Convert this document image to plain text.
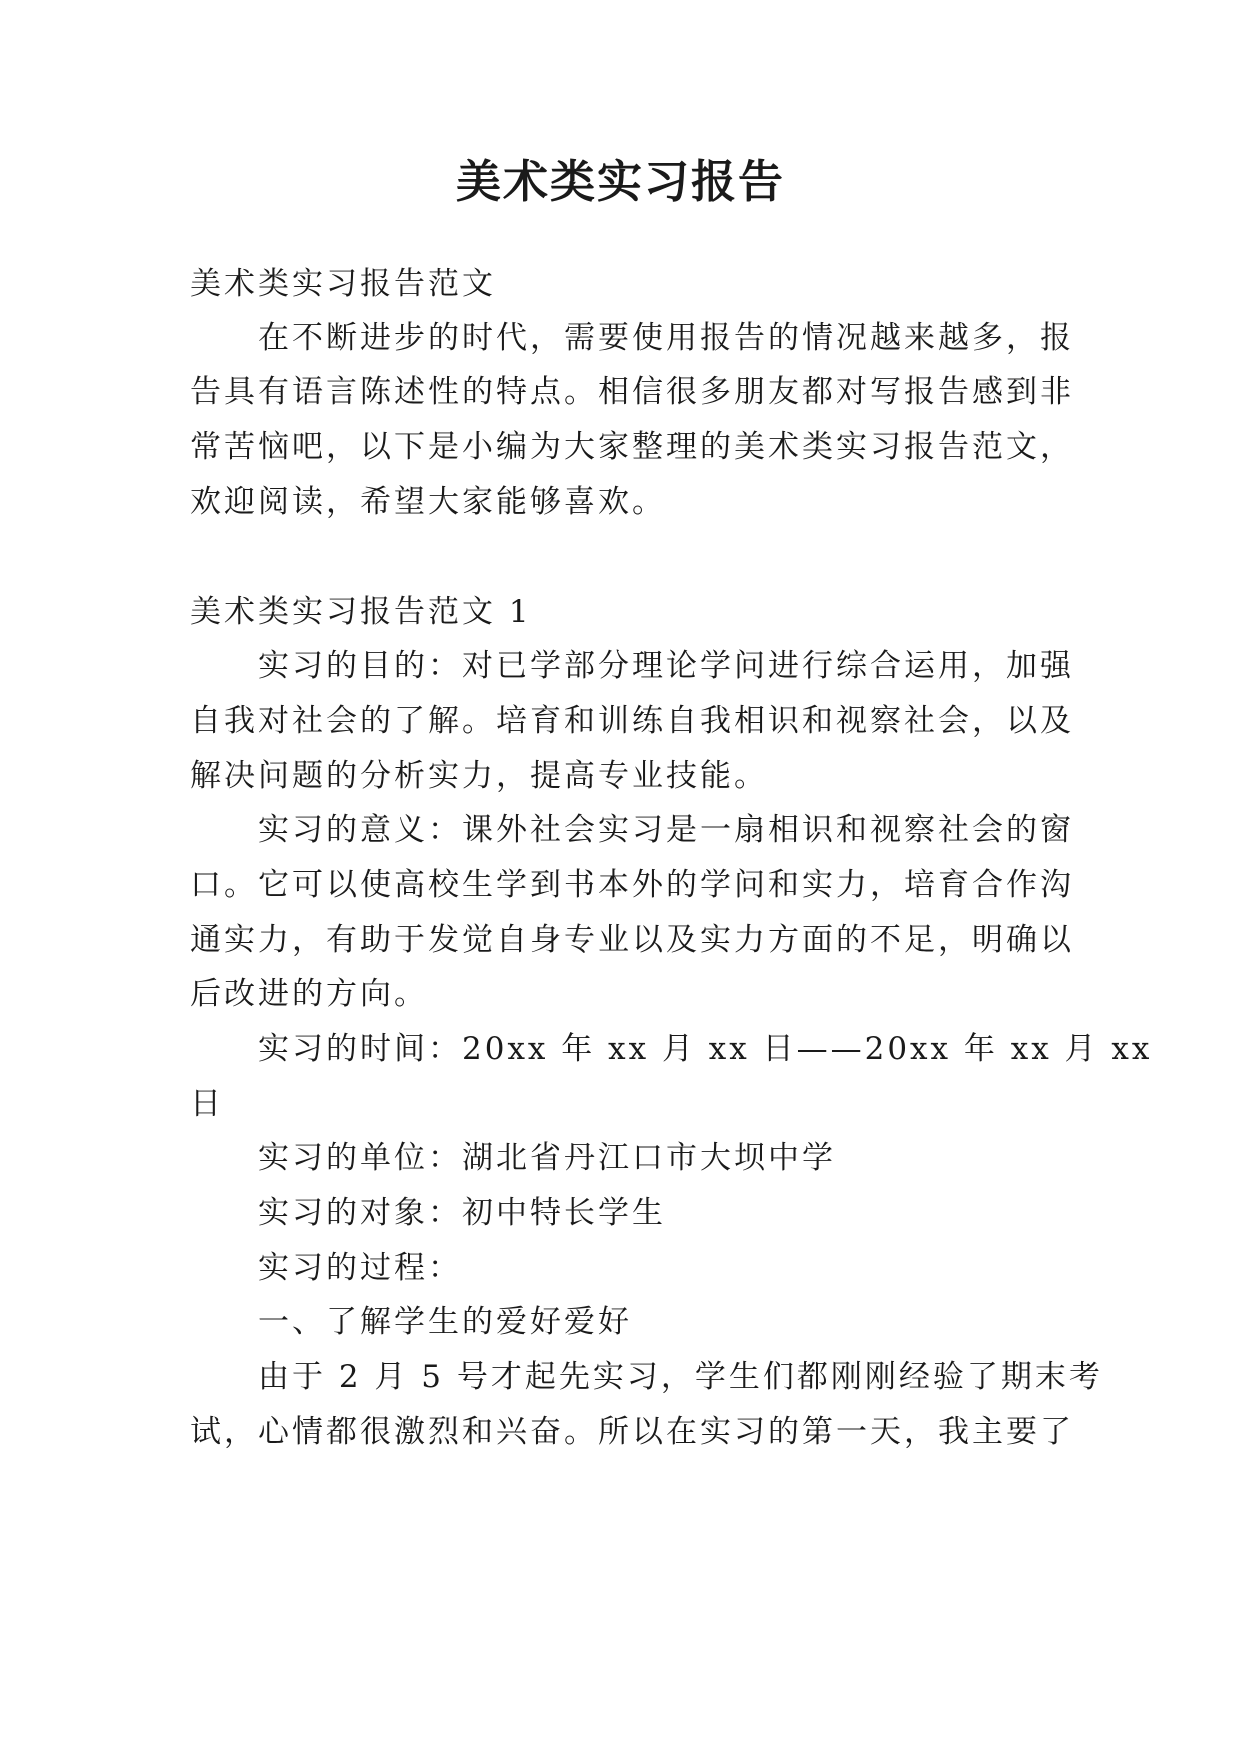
美术类实习报告
美术类实习报告范文
在不断进步的时代，需要使用报告的情况越来越多，报
告具有语言陈述性的特点。相信很多朋友都对写报告感到非
常苦恼吧，以下是小编为大家整理的美术类实习报告范文，
欢迎阅读，希望大家能够喜欢。
美术类实习报告范文 1
实习的目的：对已学部分理论学问进行综合运用，加强
自我对社会的了解。培育和训练自我相识和视察社会，以及
解决问题的分析实力，提高专业技能。
实习的意义：课外社会实习是一扇相识和视察社会的窗
口。它可以使高校生学到书本外的学问和实力，培育合作沟
通实力，有助于发觉自身专业以及实力方面的不足，明确以
后改进的方向。
实习的时间：20xx 年 xx 月 xx 日——20xx 年 xx 月 xx
日
实习的单位：湖北省丹江口市大坝中学
实习的对象：初中特长学生
实习的过程：
一、了解学生的爱好爱好
由于 2 月 5 号才起先实习，学生们都刚刚经验了期末考
试，心情都很激烈和兴奋。所以在实习的第一天，我主要了
